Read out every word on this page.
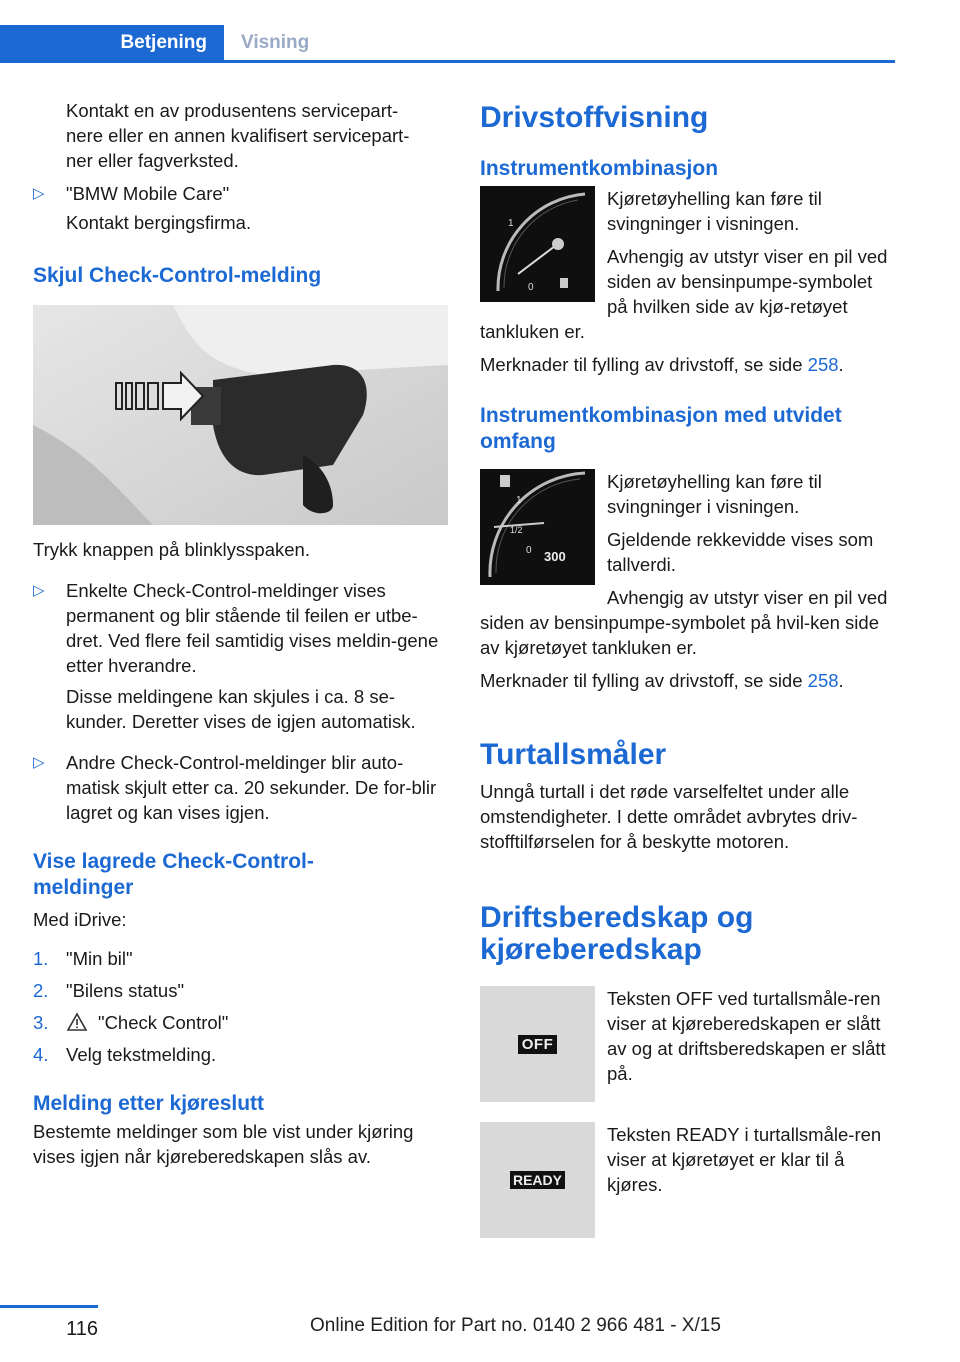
Betjening Visning

Kontakt en av produsentens servicepart-
nere eller en annen kvalifisert servicepart-
ner eller fagverksted.

▷	"BMW Mobile Care"

Kontakt bergingsfirma.

Skjul Check-Control-melding

Trykk knappen på blinklysspaken.

▷	Enkelte Check-Control-meldinger vises permanent og blir stående til feilen er utbe-dret. Ved flere feil samtidig vises meldin-gene etter hverandre.

Disse meldingene kan skjules i ca. 8 se-kunder. Deretter vises de igjen automatisk.

▷	Andre Check-Control-meldinger blir auto-matisk skjult etter ca. 20 sekunder. De for-blir lagret og kan vises igjen.
Vise lagrede Check-Control-
meldinger

Med iDrive:

1. "Min bil"
2. "Bilens status"
3.	"Check Control"
4. Velg tekstmelding.
Melding etter kjøreslutt

Bestemte meldinger som ble vist under kjøring vises igjen når kjøreberedskapen slås av.

Drivstoffvisning
Instrumentkombinasjon
1
0

Kjøretøyhelling kan føre til svingninger i visningen.

Avhengig av utstyr viser en pil ved siden av bensinpumpe-symbolet på hvilken side av kjø-retøyet tankluken er.

Merknader til fylling av drivstoff, se side 258.

Instrumentkombinasjon med utvidet omfang
1
1/2
0 300

Kjøretøyhelling kan føre til svingninger i visningen.

Gjeldende rekkevidde vises som tallverdi.

Avhengig av utstyr viser en pil ved siden av bensinpumpe-symbolet på hvil-ken side av kjøretøyet tankluken er.

Merknader til fylling av drivstoff, se side 258.

Turtallsmåler

Unngå turtall i det røde varselfeltet under alle omstendigheter. I dette området avbrytes driv-stofftilførselen for å beskytte motoren.

Driftsberedskap og kjøreberedskap
OFF

Teksten OFF ved turtallsmåle-ren viser at kjøreberedskapen er slått av og at driftsberedskapen er slått på.

READY

Teksten READY i turtallsmåle-ren viser at kjøretøyet er klar til å kjøres.

116	Online Edition for Part no. 0140 2 966 481 - X/15
